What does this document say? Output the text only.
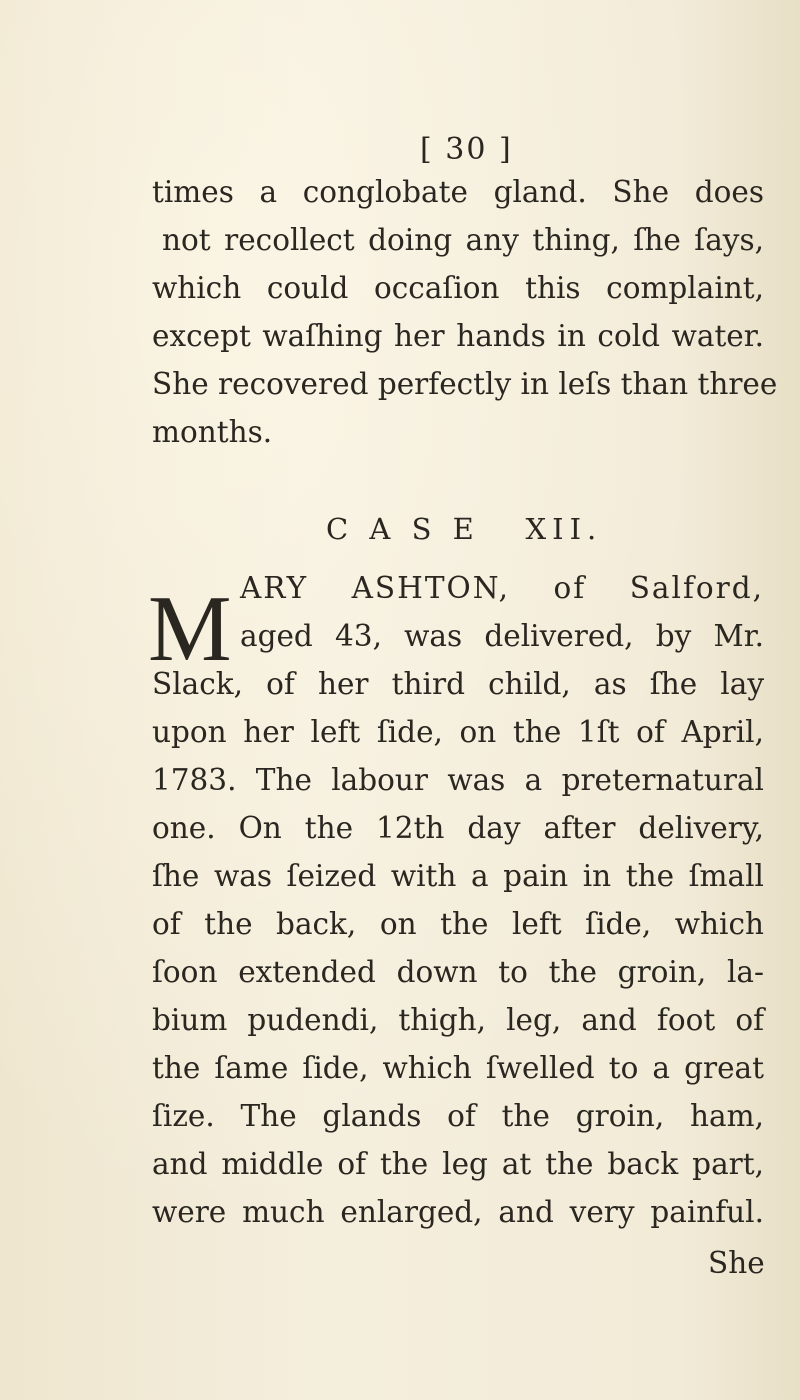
[ 30 ]
times a conglobate gland. She does
not recollect doing any thing, ſhe ſays,
which could occaſion this complaint,
except waſhing her hands in cold water.
She recovered perfectly in leſs than three
months.
C A S E   XII.
M ARY ASHTON, of Salford,
aged 43, was delivered, by Mr.
Slack, of her third child, as ſhe lay
upon her left ſide, on the 1ſt of April,
1783. The labour was a preternatural
one. On the 12th day after delivery,
ſhe was ſeized with a pain in the ſmall
of the back, on the left ſide, which
ſoon extended down to the groin, la-
bium pudendi, thigh, leg, and foot of
the ſame ſide, which ſwelled to a great
ſize. The glands of the groin, ham,
and middle of the leg at the back part,
were much enlarged, and very painful.
She
